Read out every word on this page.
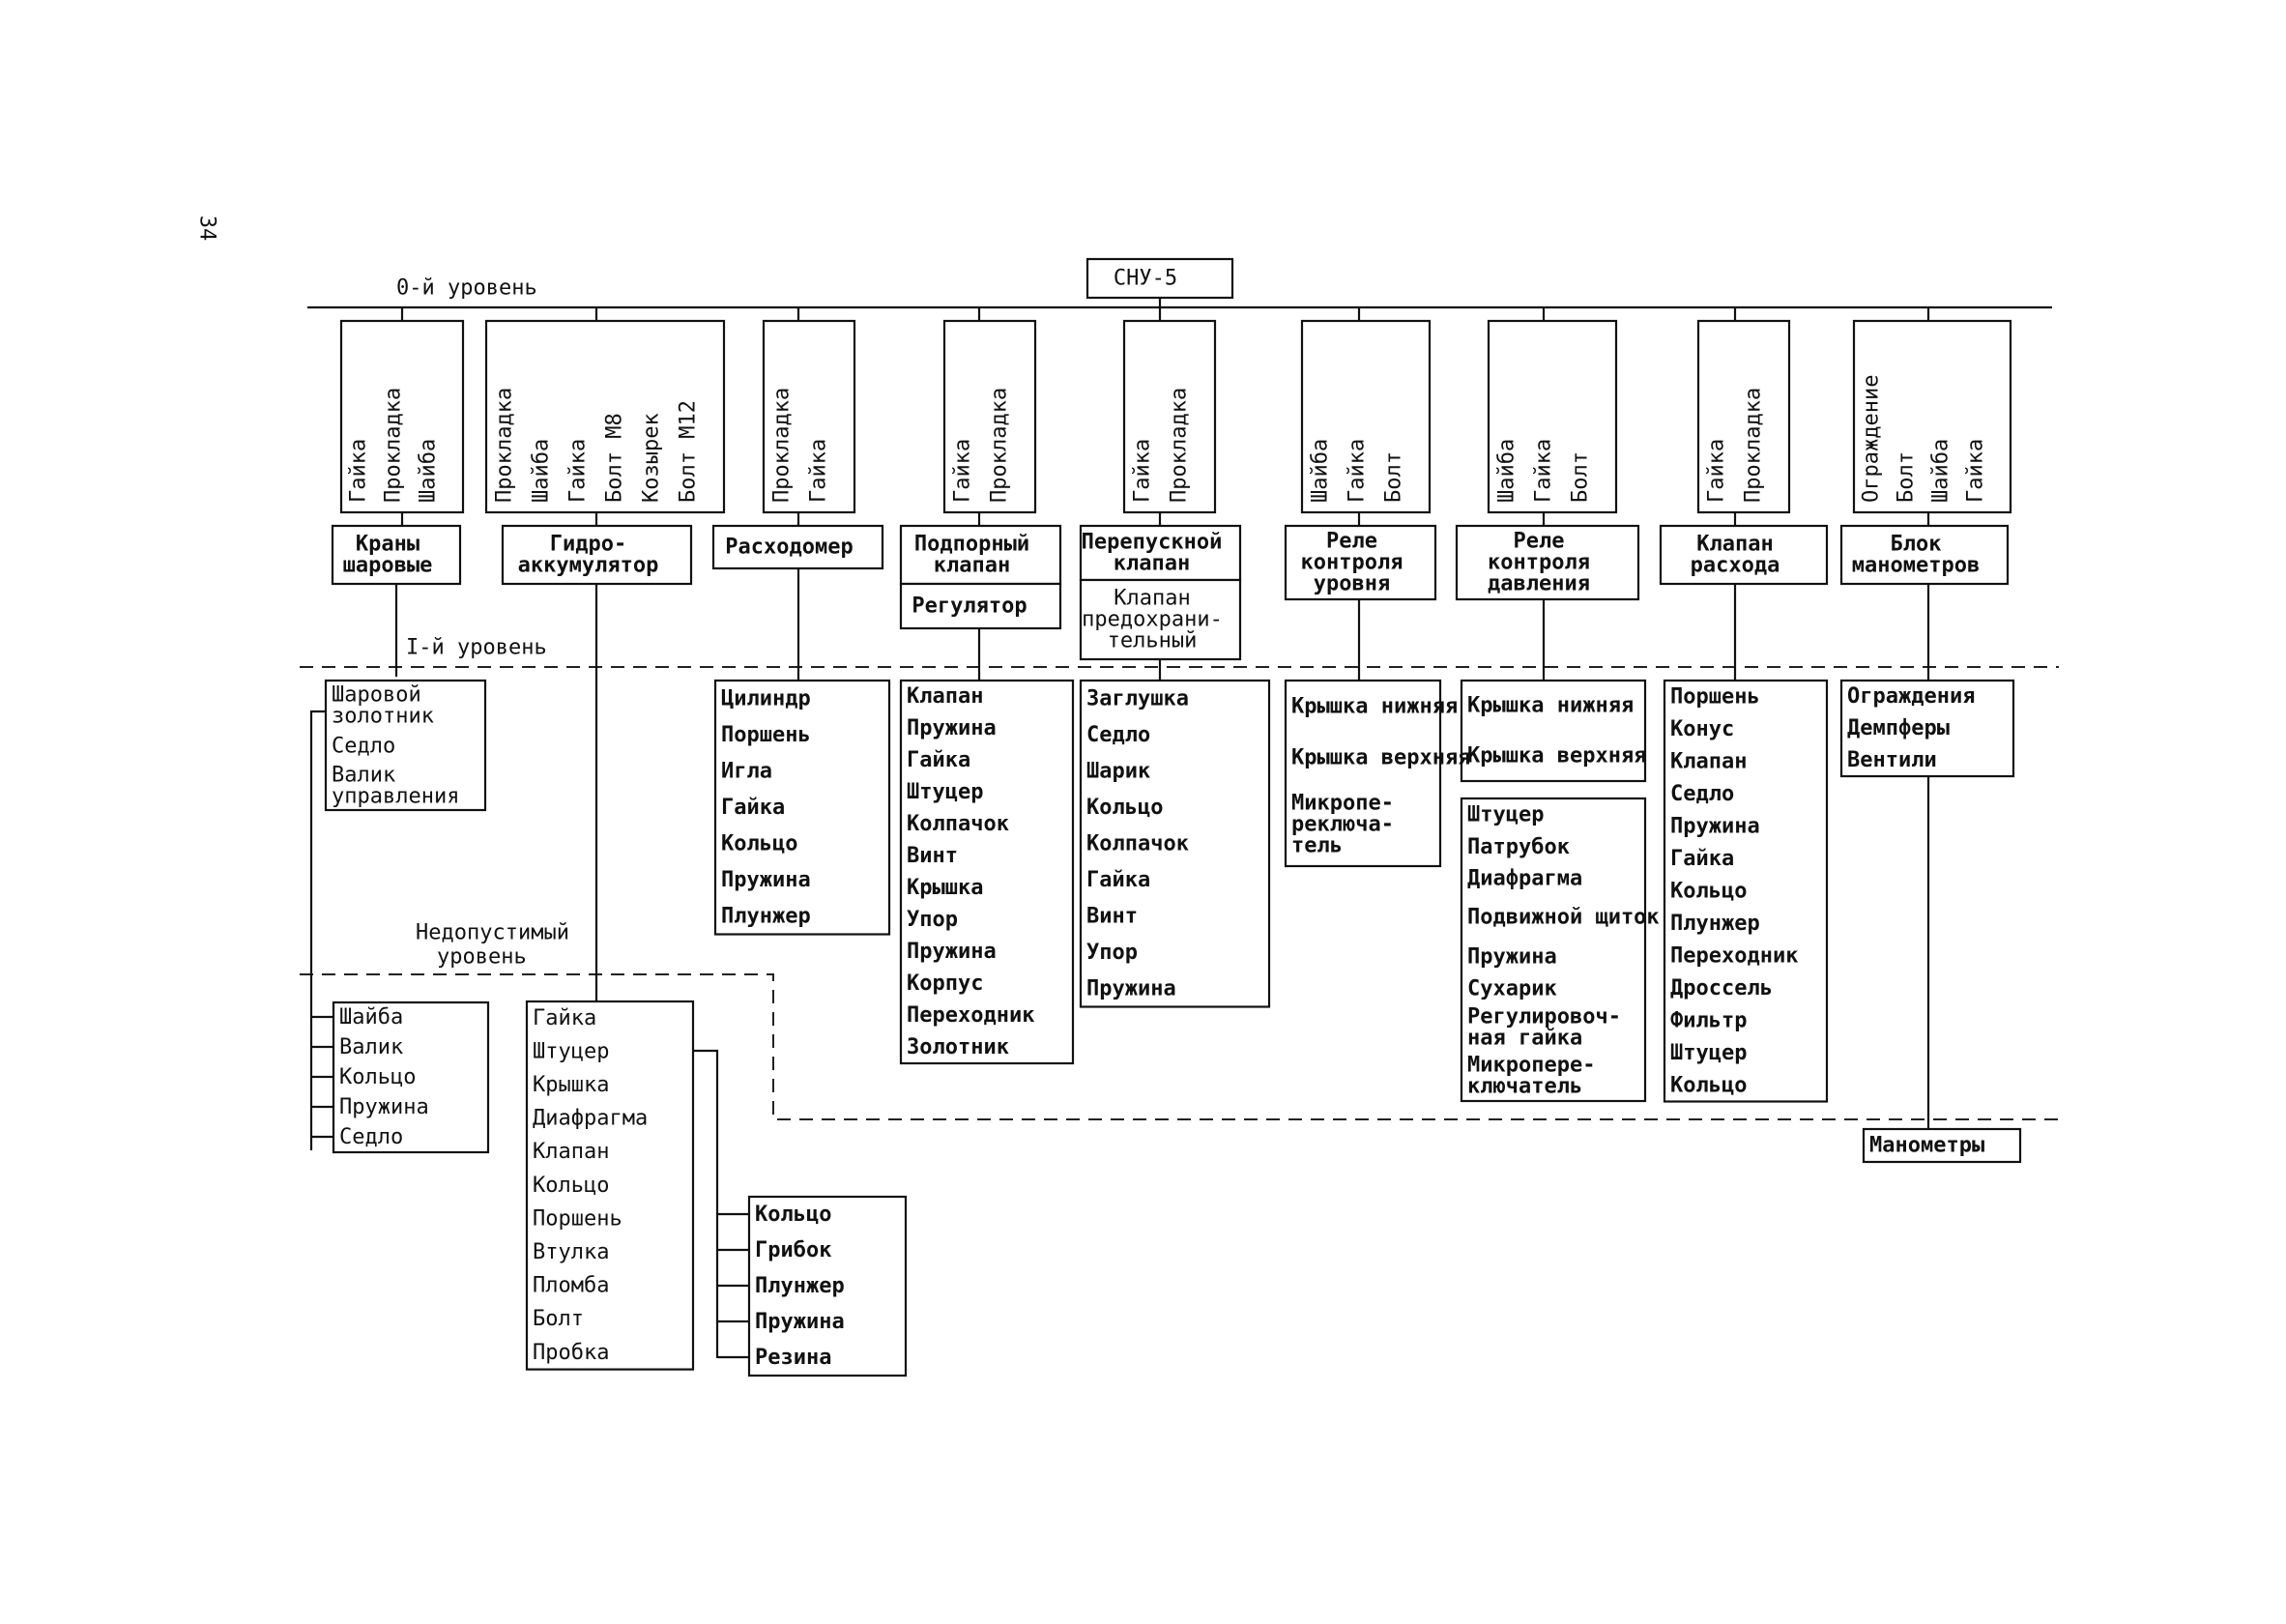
34
СНУ-5
0-й уровень
I-й уровень
Недопустимый
уровень
Гайка Прокладка Шайба
Краны
шаровые
Шаровой
золотник
Седло
Валик
управления
Шайба
Валик
Кольцо
Пружина
Седло
Прокладка Шайба Гайка Болт М8 Козырек Болт М12
Гидро-
аккумулятор
Гайка
Штуцер
Крышка
Диафрагма
Клапан
Кольцо
Поршень
Втулка
Пломба
Болт
Пробка
Кольцо
Грибок
Плунжер
Пружина
Резина
Прокладка Гайка
Расходомер
Цилиндр
Поршень
Игла
Гайка
Кольцо
Пружина
Плунжер
Гайка Прокладка
Подпорный
клапан
Регулятор
Клапан
Пружина
Гайка
Штуцер
Колпачок
Винт
Крышка
Упор
Пружина
Корпус
Переходник
Золотник
Гайка Прокладка
Перепускной
клапан
Клапан
предохрани-
тельный
Заглушка
Седло
Шарик
Кольцо
Колпачок
Гайка
Винт
Упор
Пружина
Шайба Гайка Болт
Реле
контроля
уровня
Крышка нижняя
Крышка верхняя
Микропе-
реключа-
тель
Шайба Гайка Болт
Реле
контроля
давления
Крышка нижняя
Крышка верхняя
Штуцер
Патрубок
Диафрагма
Подвижной щиток
Пружина
Сухарик
Регулировоч-
ная гайка
Микропере-
ключатель
Гайка Прокладка
Клапан
расхода
Поршень
Конус
Клапан
Седло
Пружина
Гайка
Кольцо
Плунжер
Переходник
Дроссель
Фильтр
Штуцер
Кольцо
Ограждение Болт Шайба Гайка
Блок
манометров
Ограждения
Демпферы
Вентили
Манометры
